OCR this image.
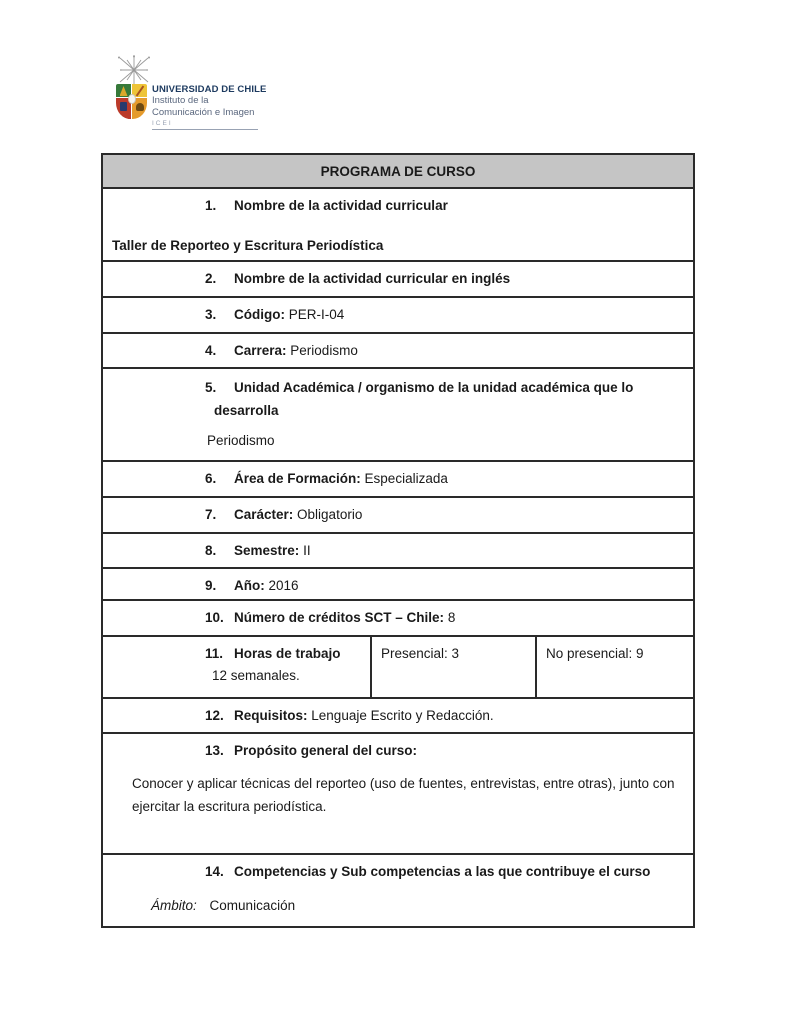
UNIVERSIDAD DE CHILE
Instituto de la
Comunicación e Imagen
ICEI
PROGRAMA DE CURSO
1. Nombre de la actividad curricular
Taller de Reporteo y Escritura Periodística
2. Nombre de la actividad curricular en inglés
3. Código: PER-I-04
4. Carrera: Periodismo
5. Unidad Académica / organismo de la unidad académica que lo
desarrolla
Periodismo
6. Área de Formación: Especializada
7. Carácter: Obligatorio
8. Semestre: II
9. Año: 2016
10. Número de créditos SCT – Chile: 8
11. Horas de trabajo
12 semanales.
Presencial: 3	No presencial: 9
12. Requisitos: Lenguaje Escrito y Redacción.
13. Propósito general del curso:
Conocer y aplicar técnicas del reporteo (uso de fuentes, entrevistas, entre otras), junto con ejercitar la escritura periodística.
14. Competencias y Sub competencias a las que contribuye el curso
Ámbito: Comunicación
